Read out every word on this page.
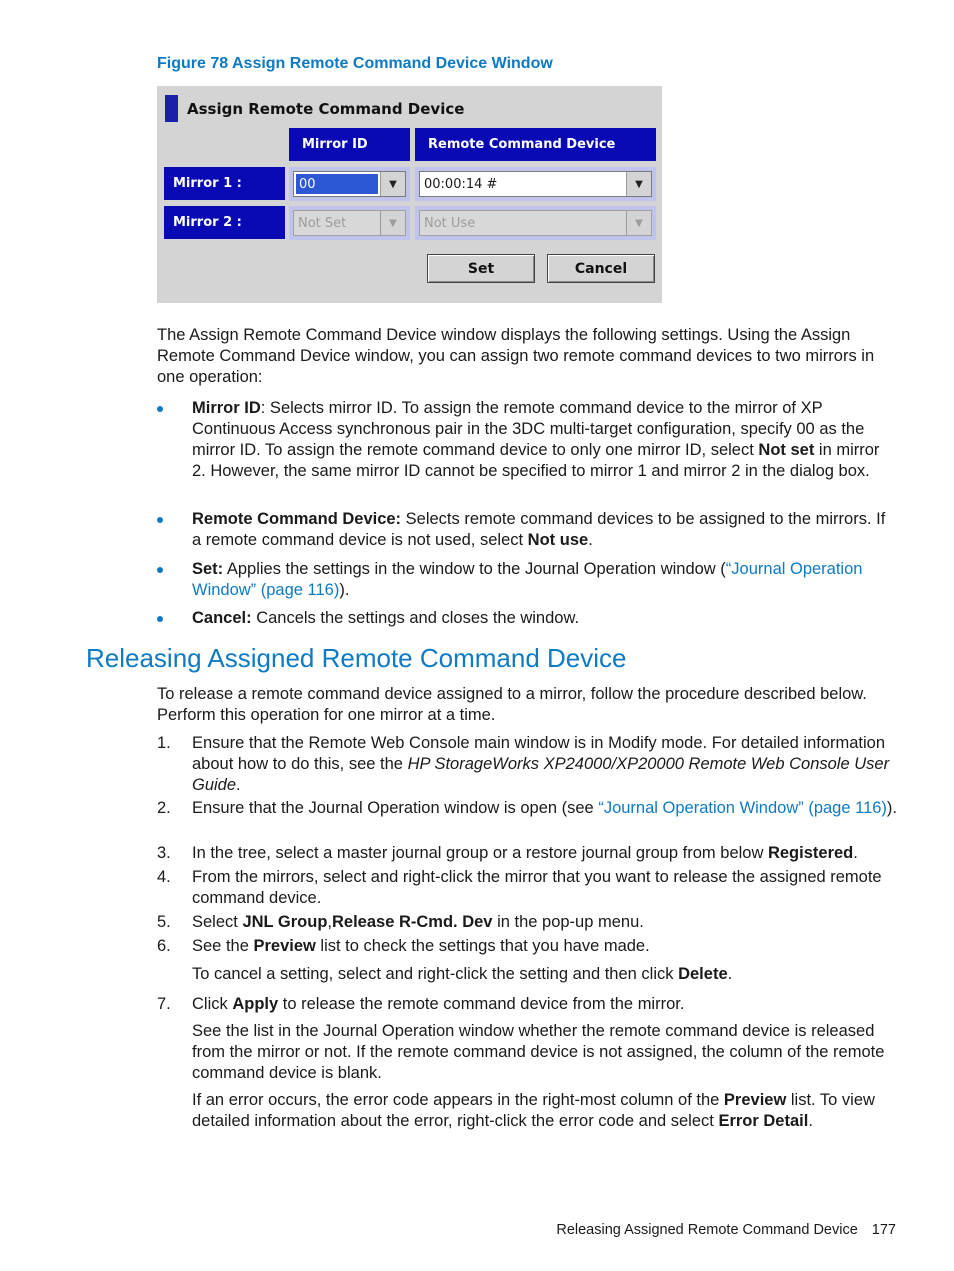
Figure 78 Assign Remote Command Device Window
Assign Remote Command Device
Mirror ID	Remote Command Device
Mirror 1 :	00	▼	00:00:14 #	▼
Mirror 2 :	Not Set	▼	Not Use	▼
Set	Cancel
The Assign Remote Command Device window displays the following settings. Using the Assign Remote Command Device window, you can assign two remote command devices to two mirrors in one operation:
Mirror ID: Selects mirror ID. To assign the remote command device to the mirror of XP Continuous Access synchronous pair in the 3DC multi-target configuration, specify 00 as the mirror ID. To assign the remote command device to only one mirror ID, select Not set in mirror 2. However, the same mirror ID cannot be specified to mirror 1 and mirror 2 in the dialog box.
Remote Command Device: Selects remote command devices to be assigned to the mirrors. If a remote command device is not used, select Not use.
Set: Applies the settings in the window to the Journal Operation window (“Journal Operation Window” (page 116)).
Cancel: Cancels the settings and closes the window.
Releasing Assigned Remote Command Device
To release a remote command device assigned to a mirror, follow the procedure described below. Perform this operation for one mirror at a time.
1. Ensure that the Remote Web Console main window is in Modify mode. For detailed information about how to do this, see the HP StorageWorks XP24000/XP20000 Remote Web Console User Guide.
2. Ensure that the Journal Operation window is open (see “Journal Operation Window” (page 116)).
3. In the tree, select a master journal group or a restore journal group from below Registered.
4. From the mirrors, select and right-click the mirror that you want to release the assigned remote command device.
5. Select JNL Group,Release R-Cmd. Dev in the pop-up menu.
6. See the Preview list to check the settings that you have made.
To cancel a setting, select and right-click the setting and then click Delete.
7. Click Apply to release the remote command device from the mirror.
See the list in the Journal Operation window whether the remote command device is released from the mirror or not. If the remote command device is not assigned, the column of the remote command device is blank.
If an error occurs, the error code appears in the right-most column of the Preview list. To view detailed information about the error, right-click the error code and select Error Detail.
Releasing Assigned Remote Command Device 177
